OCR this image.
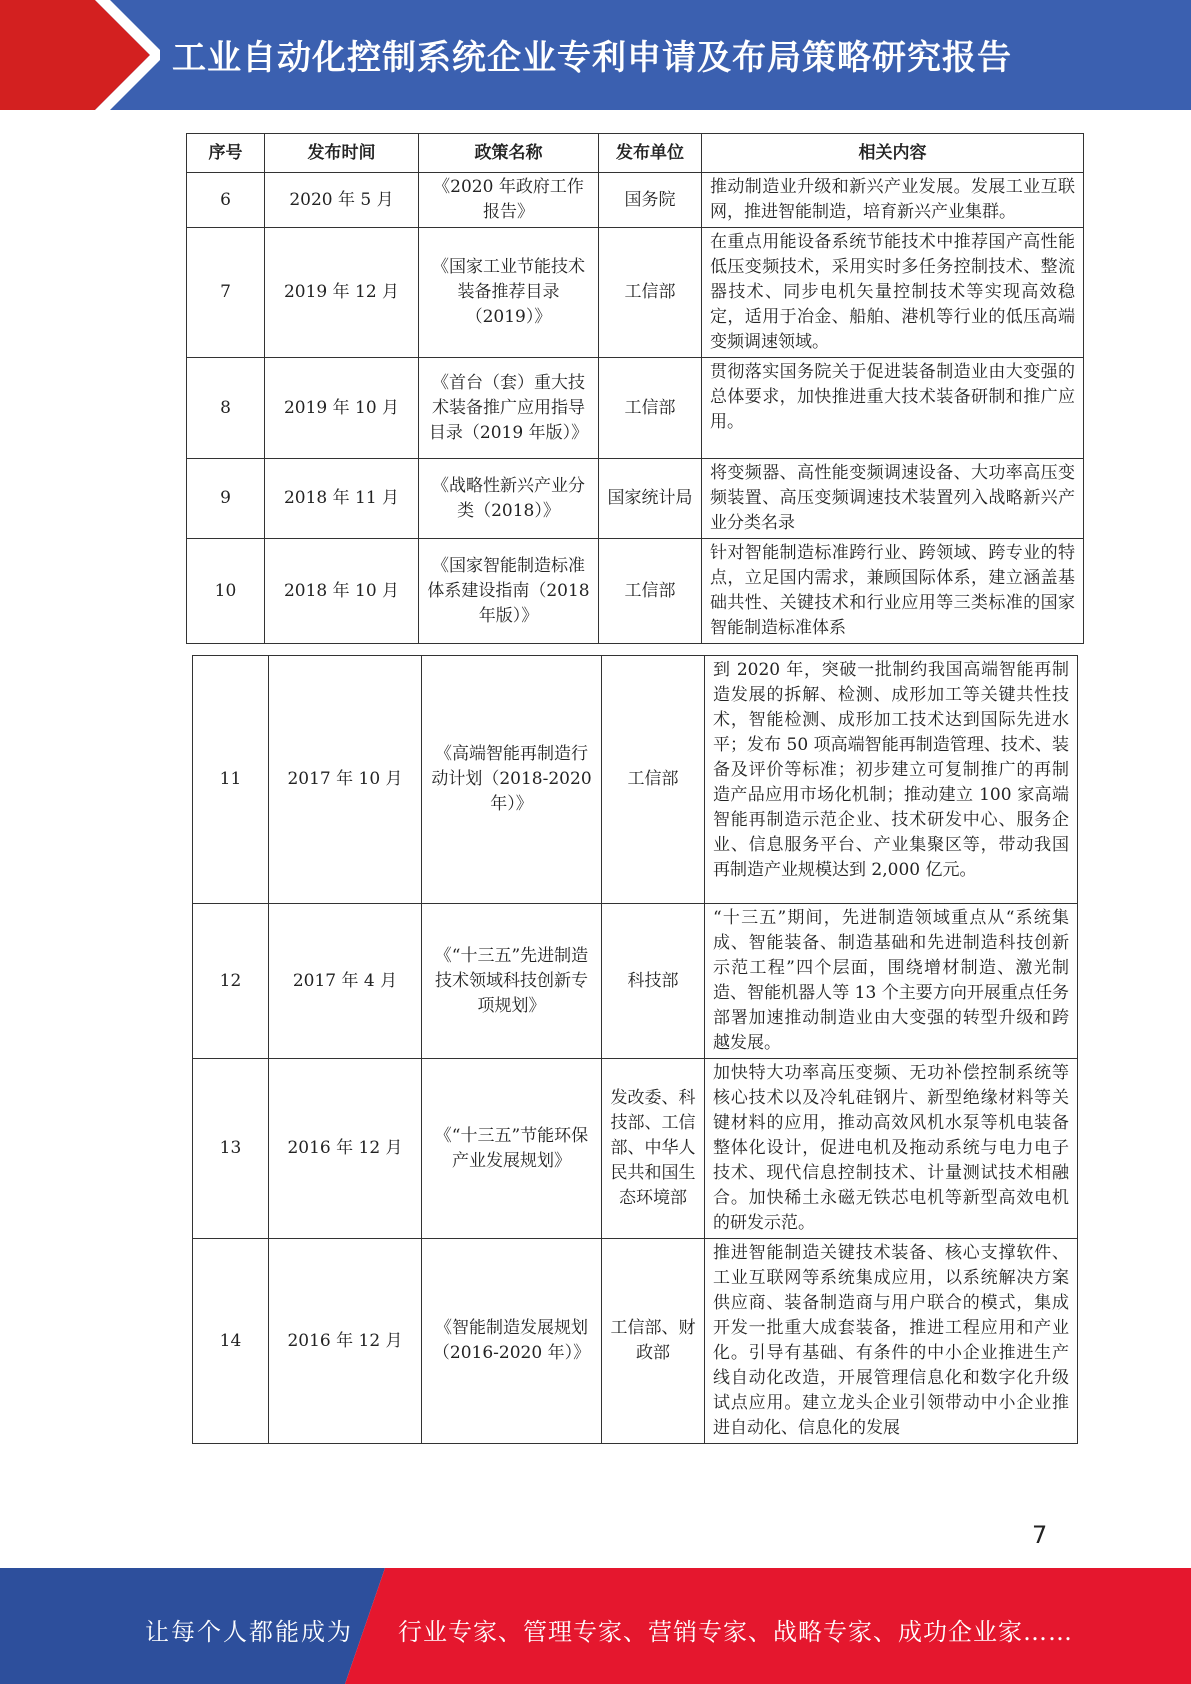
工业自动化控制系统企业专利申请及布局策略研究报告
序号	发布时间	政策名称	发布单位	相关内容
6	2020 年 5 月	《2020 年政府工作报告》	国务院	推动制造业升级和新兴产业发展。发展工业互联网，推进智能制造，培育新兴产业集群。
7	2019 年 12 月	《国家工业节能技术装备推荐目录（2019）》	工信部	在重点用能设备系统节能技术中推荐国产高性能低压变频技术，采用实时多任务控制技术、整流器技术、同步电机矢量控制技术等实现高效稳定，适用于冶金、船舶、港机等行业的低压高端变频调速领域。
8	2019 年 10 月	《首台（套）重大技术装备推广应用指导目录（2019 年版）》	工信部	贯彻落实国务院关于促进装备制造业由大变强的总体要求，加快推进重大技术装备研制和推广应用。
9	2018 年 11 月	《战略性新兴产业分类（2018）》	国家统计局	将变频器、高性能变频调速设备、大功率高压变频装置、高压变频调速技术装置列入战略新兴产业分类名录
10	2018 年 10 月	《国家智能制造标准体系建设指南（2018 年版）》	工信部	针对智能制造标准跨行业、跨领域、跨专业的特点，立足国内需求，兼顾国际体系，建立涵盖基础共性、关键技术和行业应用等三类标准的国家智能制造标准体系
11	2017 年 10 月	《高端智能再制造行动计划（2018-2020 年）》	工信部	到 2020 年，突破一批制约我国高端智能再制造发展的拆解、检测、成形加工等关键共性技术，智能检测、成形加工技术达到国际先进水平；发布 50 项高端智能再制造管理、技术、装备及评价等标准；初步建立可复制推广的再制造产品应用市场化机制；推动建立 100 家高端智能再制造示范企业、技术研发中心、服务企业、信息服务平台、产业集聚区等，带动我国再制造产业规模达到 2,000 亿元。
12	2017 年 4 月	《“十三五”先进制造技术领域科技创新专项规划》	科技部	“十三五”期间，先进制造领域重点从“系统集成、智能装备、制造基础和先进制造科技创新示范工程”四个层面，围绕增材制造、激光制造、智能机器人等 13 个主要方向开展重点任务部署加速推动制造业由大变强的转型升级和跨越发展。
13	2016 年 12 月	《“十三五”节能环保产业发展规划》	发改委、科技部、工信部、中华人民共和国生态环境部	加快特大功率高压变频、无功补偿控制系统等核心技术以及冷轧硅钢片、新型绝缘材料等关键材料的应用，推动高效风机水泵等机电装备整体化设计，促进电机及拖动系统与电力电子技术、现代信息控制技术、计量测试技术相融合。加快稀土永磁无铁芯电机等新型高效电机的研发示范。
14	2016 年 12 月	《智能制造发展规划（2016-2020 年）》	工信部、财政部	推进智能制造关键技术装备、核心支撑软件、工业互联网等系统集成应用，以系统解决方案供应商、装备制造商与用户联合的模式，集成开发一批重大成套装备，推进工程应用和产业化。引导有基础、有条件的中小企业推进生产线自动化改造，开展管理信息化和数字化升级试点应用。建立龙头企业引领带动中小企业推进自动化、信息化的发展
7
让每个人都能成为 行业专家、管理专家、营销专家、战略专家、成功企业家……
